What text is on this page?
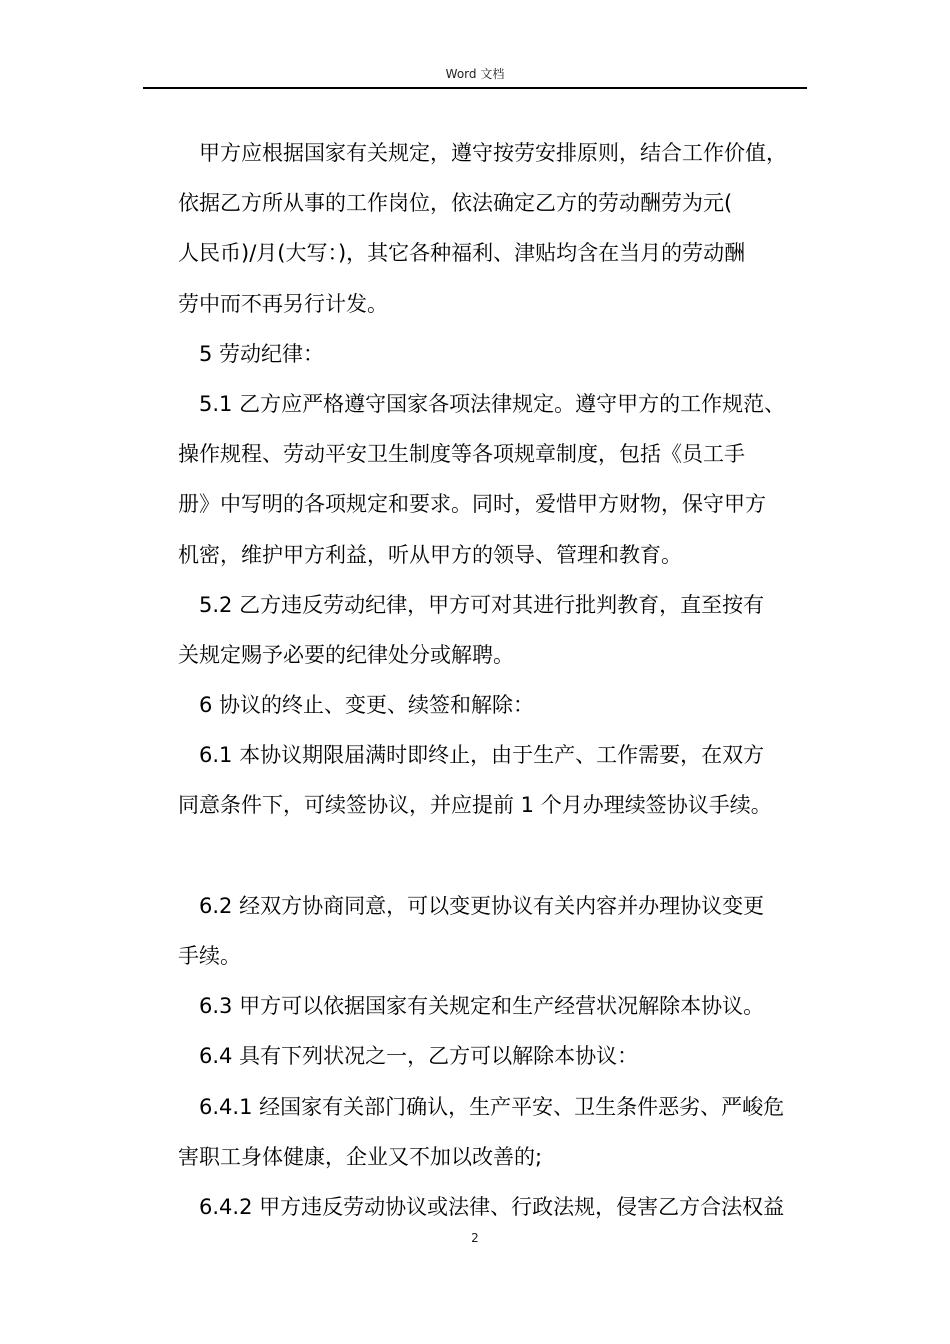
Word 文档
甲方应根据国家有关规定，遵守按劳安排原则，结合工作价值，
依据乙方所从事的工作岗位，依法确定乙方的劳动酬劳为元(
人民币)/月(大写：)，其它各种福利、津贴均含在当月的劳动酬
劳中而不再另行计发。
5 劳动纪律：
5.1 乙方应严格遵守国家各项法律规定。遵守甲方的工作规范、
操作规程、劳动平安卫生制度等各项规章制度，包括《员工手
册》中写明的各项规定和要求。同时，爱惜甲方财物，保守甲方
机密，维护甲方利益，听从甲方的领导、管理和教育。
5.2 乙方违反劳动纪律，甲方可对其进行批判教育，直至按有
关规定赐予必要的纪律处分或解聘。
6 协议的终止、变更、续签和解除：
6.1 本协议期限届满时即终止，由于生产、工作需要，在双方
同意条件下，可续签协议，并应提前 1 个月办理续签协议手续。
6.2 经双方协商同意，可以变更协议有关内容并办理协议变更
手续。
6.3 甲方可以依据国家有关规定和生产经营状况解除本协议。
6.4 具有下列状况之一，乙方可以解除本协议：
6.4.1 经国家有关部门确认，生产平安、卫生条件恶劣、严峻危
害职工身体健康，企业又不加以改善的;
6.4.2 甲方违反劳动协议或法律、行政法规，侵害乙方合法权益
2
